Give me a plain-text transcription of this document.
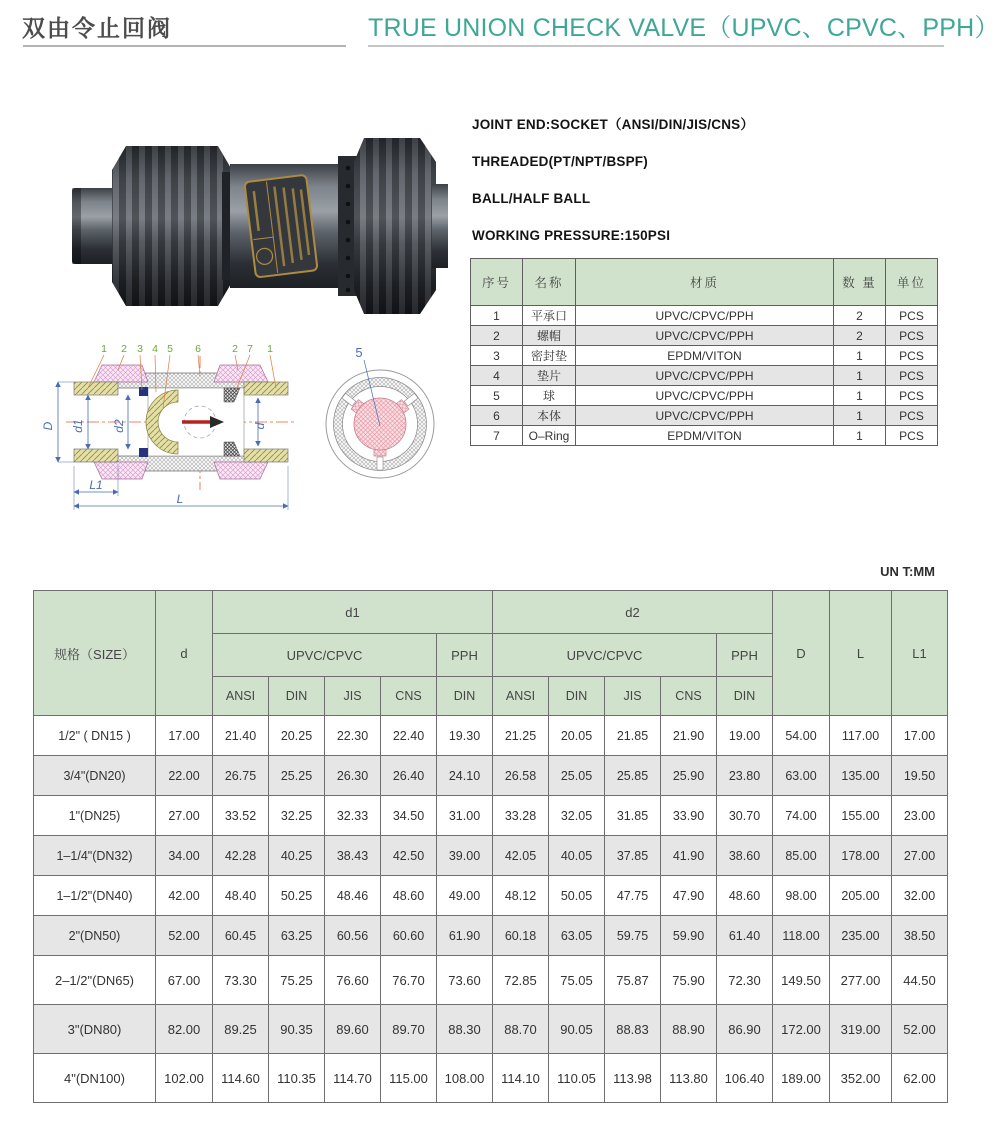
双由令止回阀	TRUE UNION CHECK VALVE（UPVC、CPVC、PPH）
JOINT END:SOCKET（ANSI/DIN/JIS/CNS）
THREADED(PT/NPT/BSPF)
BALL/HALF BALL
WORKING PRESSURE:150PSI
序号	名称	材质	数 量	单位
1	平承口	UPVC/CPVC/PPH	2	PCS
2	螺帽	UPVC/CPVC/PPH	2	PCS
3	密封垫	EPDM/VITON	1	PCS
4	垫片	UPVC/CPVC/PPH	1	PCS
5	球	UPVC/CPVC/PPH	1	PCS
6	本体	UPVC/CPVC/PPH	1	PCS
7	O–Ring	EPDM/VITON	1	PCS
D d1 d2	d
L1
L
1 2 3 4 5 6	2 7 1	5
UN T:MM
规格（SIZE）	d	d1					d2					D	L	L1
		UPVC/CPVC				PPH	UPVC/CPVC				PPH			
		ANSI	DIN	JIS	CNS	DIN	ANSI	DIN	JIS	CNS	DIN			
1/2" ( DN15 )	17.00	21.40	20.25	22.30	22.40	19.30	21.25	20.05	21.85	21.90	19.00	54.00	117.00	17.00
3/4"(DN20)	22.00	26.75	25.25	26.30	26.40	24.10	26.58	25.05	25.85	25.90	23.80	63.00	135.00	19.50
1"(DN25)	27.00	33.52	32.25	32.33	34.50	31.00	33.28	32.05	31.85	33.90	30.70	74.00	155.00	23.00
1–1/4"(DN32)	34.00	42.28	40.25	38.43	42.50	39.00	42.05	40.05	37.85	41.90	38.60	85.00	178.00	27.00
1–1/2"(DN40)	42.00	48.40	50.25	48.46	48.60	49.00	48.12	50.05	47.75	47.90	48.60	98.00	205.00	32.00
2"(DN50)	52.00	60.45	63.25	60.56	60.60	61.90	60.18	63.05	59.75	59.90	61.40	118.00	235.00	38.50
2–1/2"(DN65)	67.00	73.30	75.25	76.60	76.70	73.60	72.85	75.05	75.87	75.90	72.30	149.50	277.00	44.50
3"(DN80)	82.00	89.25	90.35	89.60	89.70	88.30	88.70	90.05	88.83	88.90	86.90	172.00	319.00	52.00
4"(DN100)	102.00	114.60	110.35	114.70	115.00	108.00	114.10	110.05	113.98	113.80	106.40	189.00	352.00	62.00
